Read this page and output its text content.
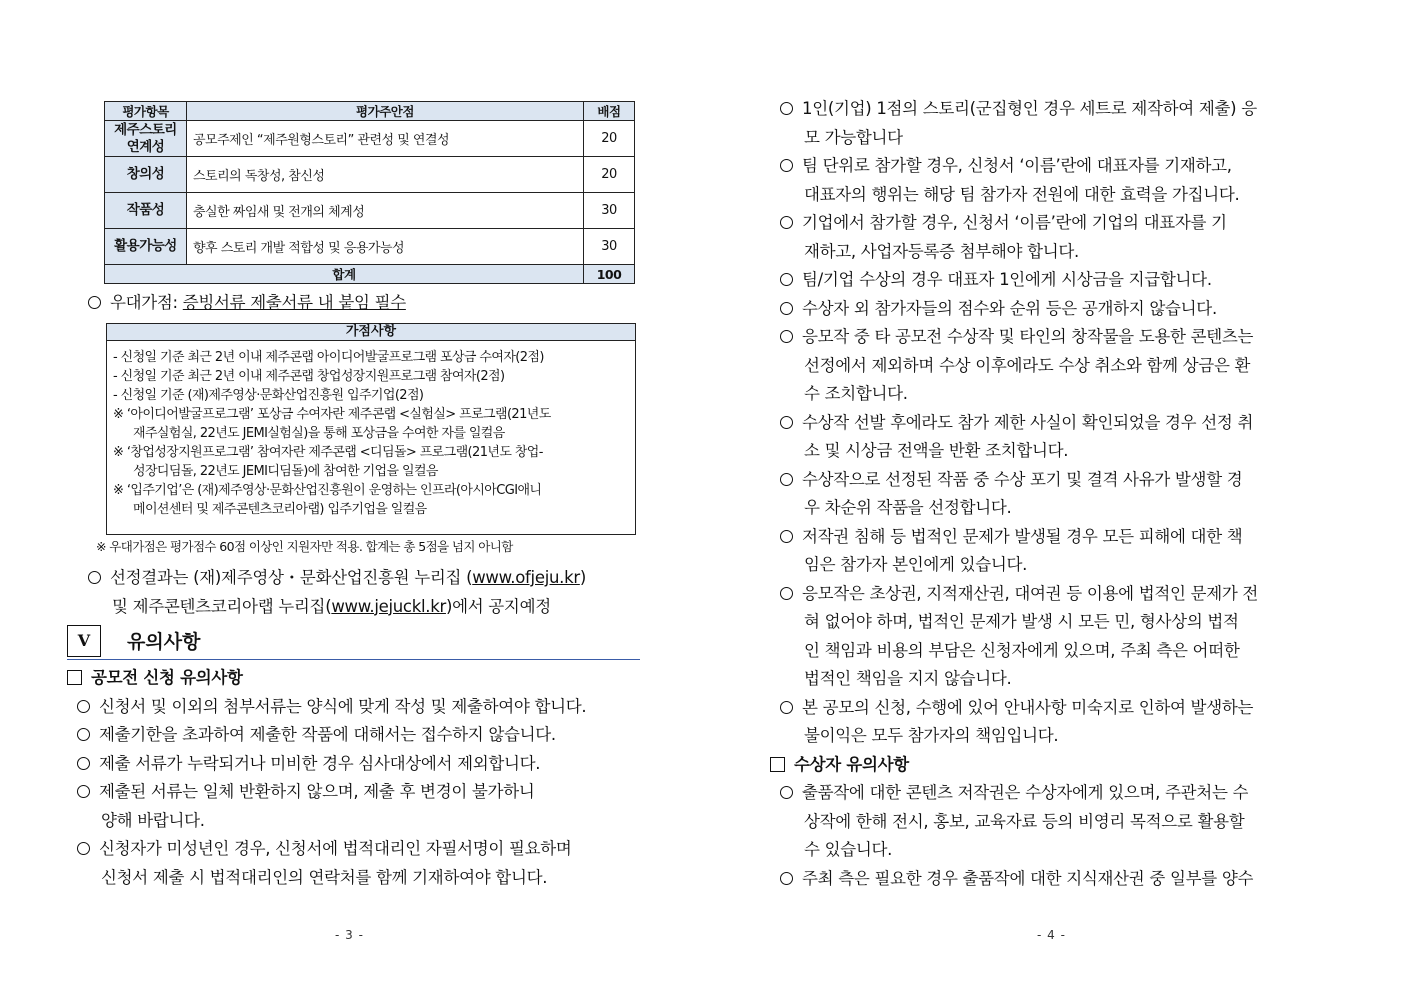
평가항목	평가주안점	배점
제주스토리 연계성	공모주제인 “제주원형스토리” 관련성 및 연결성	20
창의성	스토리의 독창성, 참신성	20
작품성	충실한 짜임새 및 전개의 체계성	30
활용가능성	향후 스토리 개발 적합성 및 응용가능성	30
합계		100
우대가점: 증빙서류 제출서류 내 붙임 필수
가점사항
- 신청일 기준 최근 2년 이내 제주콘랩 아이디어발굴프로그램 포상금 수여자(2점)
- 신청일 기준 최근 2년 이내 제주콘랩 창업성장지원프로그램 참여자(2점)
- 신청일 기준 (재)제주영상·문화산업진흥원 입주기업(2점)
※ ‘아이디어발굴프로그램’ 포상금 수여자란 제주콘랩 <실험실> 프로그램(21년도
재주실험실, 22년도 JEMI실험실)을 통해 포상금을 수여한 자를 일컬음
※ ‘창업성장지원프로그램’ 참여자란 제주콘랩 <디딤돌> 프로그램(21년도 창업-
성장디딤돌, 22년도 JEMI디딤돌)에 참여한 기업을 일컬음
※ ‘입주기업’은 (재)제주영상·문화산업진흥원이 운영하는 인프라(아시아CGI애니
메이션센터 및 제주콘텐츠코리아랩) 입주기업을 일컬음
※ 우대가점은 평가점수 60점 이상인 지원자만 적용. 합계는 총 5점을 넘지 아니함
선정결과는 (재)제주영상・문화산업진흥원 누리집 (www.ofjeju.kr)
및 제주콘텐츠코리아랩 누리집(www.jejuckl.kr)에서 공지예정
V	유의사항
공모전 신청 유의사항
신청서 및 이외의 첨부서류는 양식에 맞게 작성 및 제출하여야 합니다.
제출기한을 초과하여 제출한 작품에 대해서는 접수하지 않습니다.
제출 서류가 누락되거나 미비한 경우 심사대상에서 제외합니다.
제출된 서류는 일체 반환하지 않으며, 제출 후 변경이 불가하니
양해 바랍니다.
신청자가 미성년인 경우, 신청서에 법적대리인 자필서명이 필요하며
신청서 제출 시 법적대리인의 연락처를 함께 기재하여야 합니다.
- 3 -
1인(기업) 1점의 스토리(군집형인 경우 세트로 제작하여 제출) 응
모 가능합니다
팀 단위로 참가할 경우, 신청서 ‘이름’란에 대표자를 기재하고,
대표자의 행위는 해당 팀 참가자 전원에 대한 효력을 가집니다.
기업에서 참가할 경우, 신청서 ‘이름’란에 기업의 대표자를 기
재하고, 사업자등록증 첨부해야 합니다.
팀/기업 수상의 경우 대표자 1인에게 시상금을 지급합니다.
수상자 외 참가자들의 점수와 순위 등은 공개하지 않습니다.
응모작 중 타 공모전 수상작 및 타인의 창작물을 도용한 콘텐츠는
선정에서 제외하며 수상 이후에라도 수상 취소와 함께 상금은 환
수 조치합니다.
수상작 선발 후에라도 참가 제한 사실이 확인되었을 경우 선정 취
소 및 시상금 전액을 반환 조치합니다.
수상작으로 선정된 작품 중 수상 포기 및 결격 사유가 발생할 경
우 차순위 작품을 선정합니다.
저작권 침해 등 법적인 문제가 발생될 경우 모든 피해에 대한 책
임은 참가자 본인에게 있습니다.
응모작은 초상권, 지적재산권, 대여권 등 이용에 법적인 문제가 전
혀 없어야 하며, 법적인 문제가 발생 시 모든 민, 형사상의 법적
인 책임과 비용의 부담은 신청자에게 있으며, 주최 측은 어떠한
법적인 책임을 지지 않습니다.
본 공모의 신청, 수행에 있어 안내사항 미숙지로 인하여 발생하는
불이익은 모두 참가자의 책임입니다.
수상자 유의사항
출품작에 대한 콘텐츠 저작권은 수상자에게 있으며, 주관처는 수
상작에 한해 전시, 홍보, 교육자료 등의 비영리 목적으로 활용할
수 있습니다.
주최 측은 필요한 경우 출품작에 대한 지식재산권 중 일부를 양수
- 4 -
